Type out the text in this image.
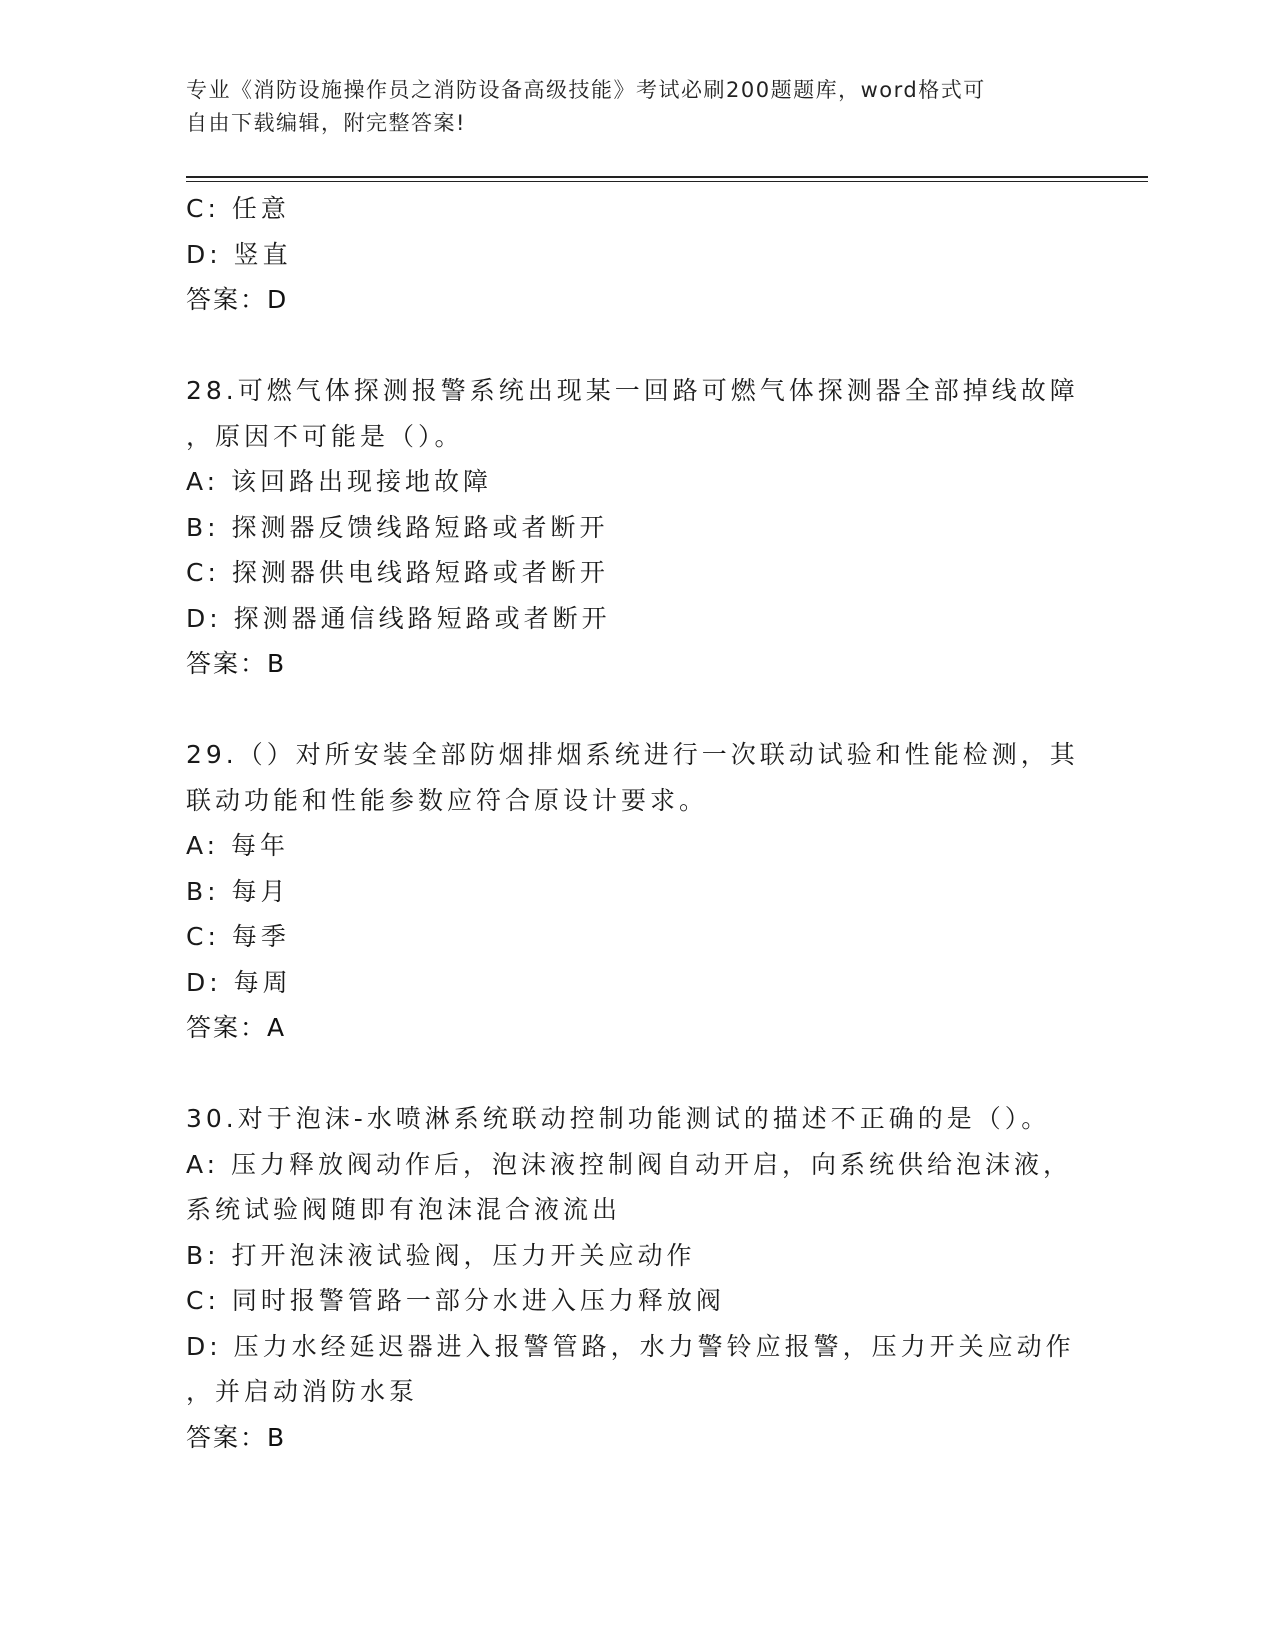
专业《消防设施操作员之消防设备高级技能》考试必刷200题题库，word格式可
自由下载编辑，附完整答案!
C: 任意
D: 竖直
答案：D
28.可燃气体探测报警系统出现某一回路可燃气体探测器全部掉线故障
，原因不可能是（）。
A: 该回路出现接地故障
B: 探测器反馈线路短路或者断开
C: 探测器供电线路短路或者断开
D: 探测器通信线路短路或者断开
答案：B
29.（）对所安装全部防烟排烟系统进行一次联动试验和性能检测，其
联动功能和性能参数应符合原设计要求。
A: 每年
B: 每月
C: 每季
D: 每周
答案：A
30.对于泡沫-水喷淋系统联动控制功能测试的描述不正确的是（）。
A: 压力释放阀动作后，泡沫液控制阀自动开启，向系统供给泡沫液，
系统试验阀随即有泡沫混合液流出
B: 打开泡沫液试验阀，压力开关应动作
C: 同时报警管路一部分水进入压力释放阀
D: 压力水经延迟器进入报警管路，水力警铃应报警，压力开关应动作
，并启动消防水泵
答案：B
